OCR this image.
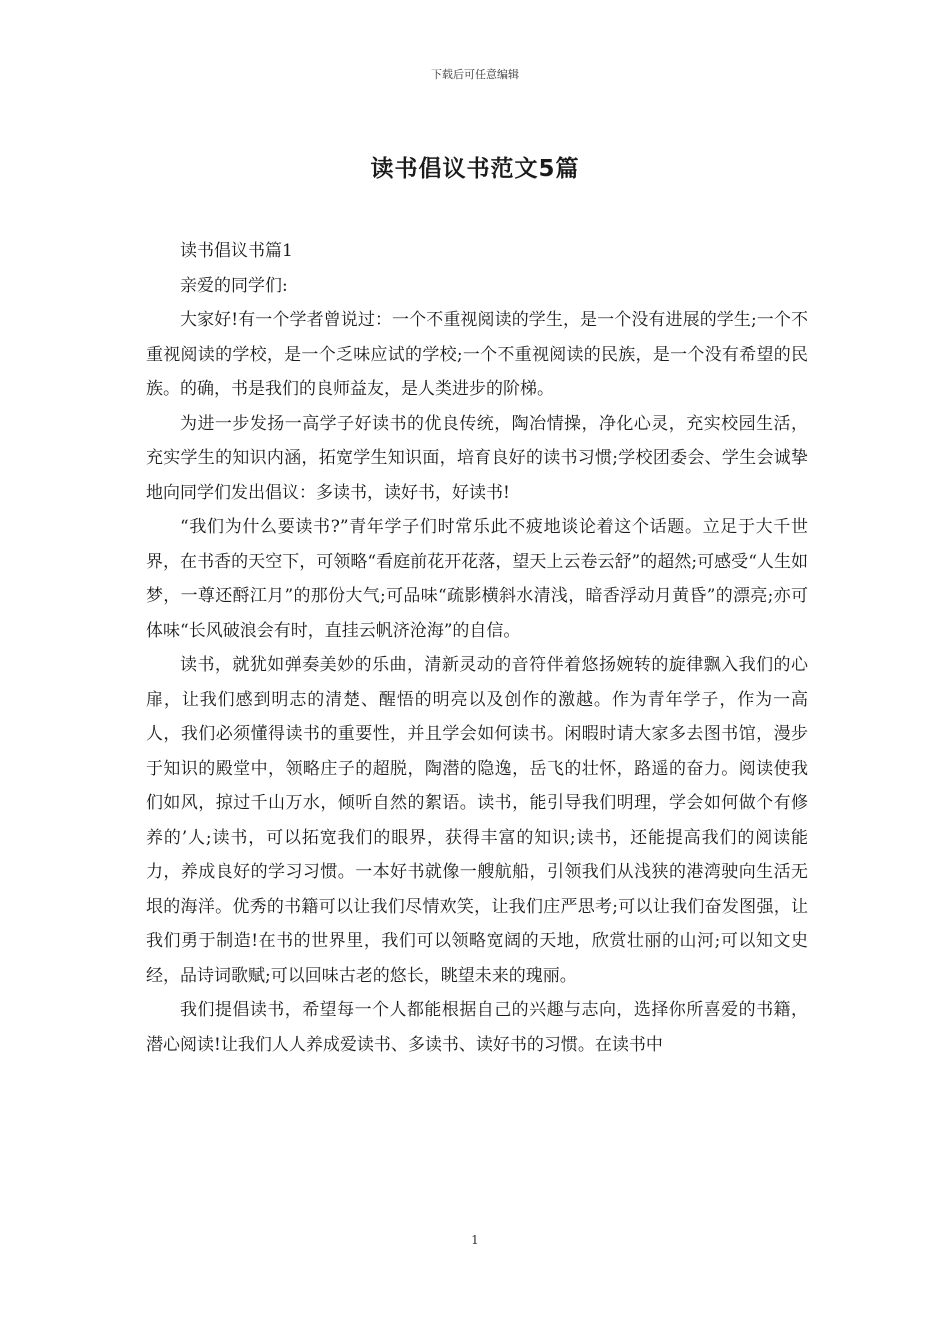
下载后可任意编辑
读书倡议书范文5篇

读书倡议书篇1

亲爱的同学们:

大家好!有一个学者曾说过：一个不重视阅读的学生，是一个没有进展的学生;一个不重视阅读的学校，是一个乏味应试的学校;一个不重视阅读的民族，是一个没有希望的民族。的确，书是我们的良师益友，是人类进步的阶梯。

为进一步发扬一高学子好读书的优良传统，陶冶情操，净化心灵，充实校园生活，充实学生的知识内涵，拓宽学生知识面，培育良好的读书习惯;学校团委会、学生会诚挚地向同学们发出倡议：多读书，读好书，好读书!

“我们为什么要读书?”青年学子们时常乐此不疲地谈论着这个话题。立足于大千世界，在书香的天空下，可领略“看庭前花开花落，望天上云卷云舒”的超然;可感受“人生如梦，一尊还酹江月”的那份大气;可品味“疏影横斜水清浅，暗香浮动月黄昏”的漂亮;亦可体味“长风破浪会有时，直挂云帆济沧海”的自信。

读书，就犹如弹奏美妙的乐曲，清新灵动的音符伴着悠扬婉转的旋律飘入我们的心扉，让我们感到明志的清楚、醒悟的明亮以及创作的激越。作为青年学子，作为一高人，我们必须懂得读书的重要性，并且学会如何读书。闲暇时请大家多去图书馆，漫步于知识的殿堂中，领略庄子的超脱，陶潜的隐逸，岳飞的壮怀，路遥的奋力。阅读使我们如风，掠过千山万水，倾听自然的絮语。读书，能引导我们明理，学会如何做个有修养的’人;读书，可以拓宽我们的眼界，获得丰富的知识;读书，还能提高我们的阅读能力，养成良好的学习习惯。一本好书就像一艘航船，引领我们从浅狭的港湾驶向生活无垠的海洋。优秀的书籍可以让我们尽情欢笑，让我们庄严思考;可以让我们奋发图强，让我们勇于制造!在书的世界里，我们可以领略宽阔的天地，欣赏壮丽的山河;可以知文史经，品诗词歌赋;可以回味古老的悠长，眺望未来的瑰丽。

我们提倡读书，希望每一个人都能根据自己的兴趣与志向，选择你所喜爱的书籍，潜心阅读!让我们人人养成爱读书、多读书、读好书的习惯。在读书中

1
